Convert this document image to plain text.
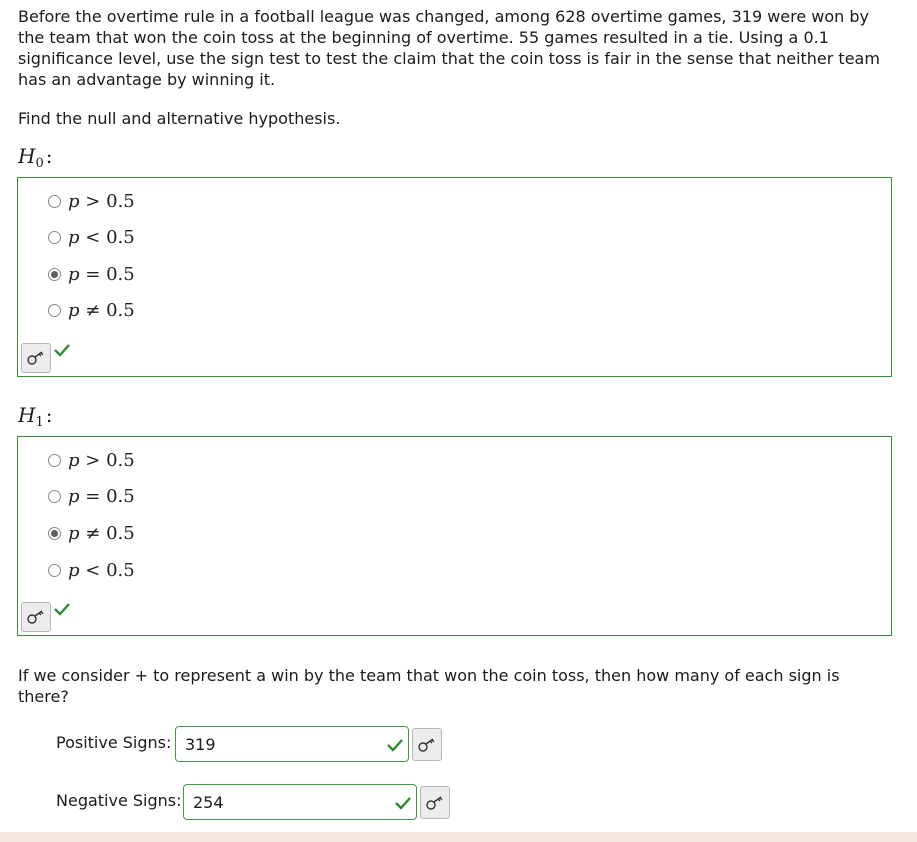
Before the overtime rule in a football league was changed, among 628 overtime games, 319 were won by the team that won the coin toss at the beginning of overtime. 55 games resulted in a tie. Using a 0.1 significance level, use the sign test to test the claim that the coin toss is fair in the sense that neither team has an advantage by winning it.

Find the null and alternative hypothesis.

$H_0$ :
p > 0.5
p < 0.5
p = 0.5
p ≠ 0.5
$H_1$ :
p > 0.5
p = 0.5
p ≠ 0.5
p < 0.5

If we consider + to represent a win by the team that won the coin toss, then how many of each sign is there?

Positive Signs: 319
Negative Signs: 254
